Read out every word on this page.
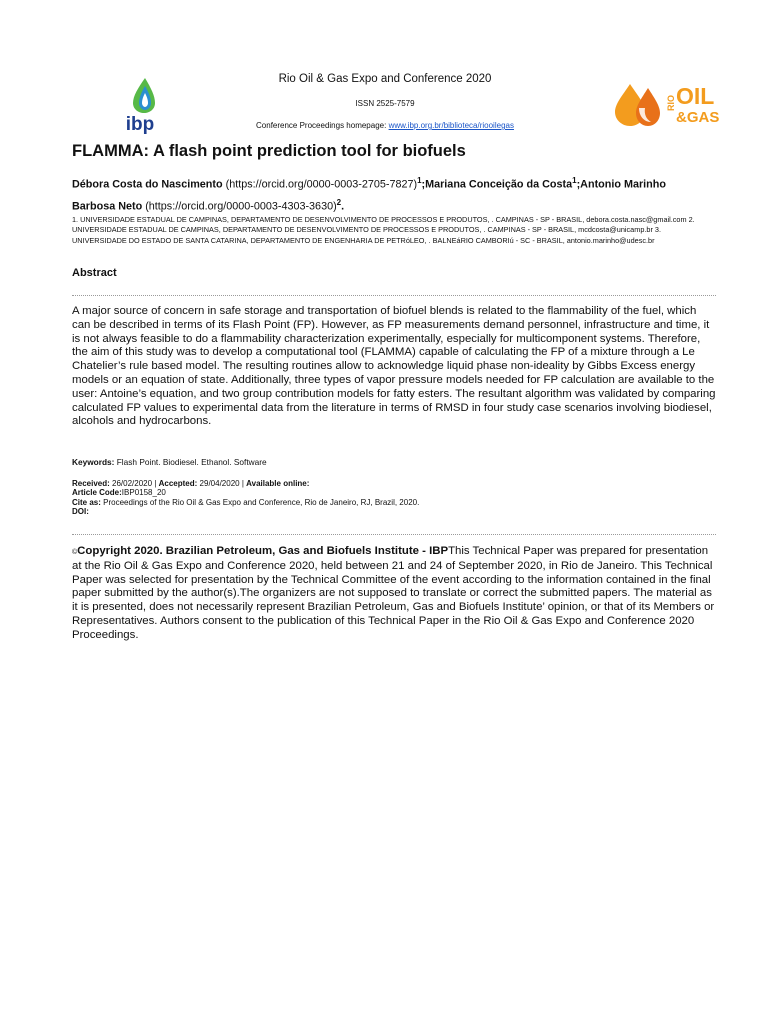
ibp
RIO OIL
&GAS
Rio Oil & Gas Expo and Conference 2020
ISSN 2525-7579
Conference Proceedings homepage: www.ibp.org.br/biblioteca/riooilegas
FLAMMA: A flash point prediction tool for biofuels
Débora Costa do Nascimento (https://orcid.org/0000-0003-2705-7827)$^1$;Mariana Conceição da Costa$^1$;Antonio Marinho Barbosa Neto (https://orcid.org/0000-0003-4303-3630)$^2$.
1. UNIVERSIDADE ESTADUAL DE CAMPINAS, DEPARTAMENTO DE DESENVOLVIMENTO DE PROCESSOS E PRODUTOS, . CAMPINAS - SP - BRASIL, debora.costa.nasc@gmail.com 2. UNIVERSIDADE ESTADUAL DE CAMPINAS, DEPARTAMENTO DE DESENVOLVIMENTO DE PROCESSOS E PRODUTOS, . CAMPINAS - SP - BRASIL, mcdcosta@unicamp.br 3. UNIVERSIDADE DO ESTADO DE SANTA CATARINA, DEPARTAMENTO DE ENGENHARIA DE PETRóLEO, . BALNEáRIO CAMBORIú - SC - BRASIL, antonio.marinho@udesc.br
Abstract

A major source of concern in safe storage and transportation of biofuel blends is related to the flammability of the fuel, which can be described in terms of its Flash Point (FP). However, as FP measurements demand personnel, infrastructure and time, it is not always feasible to do a flammability characterization experimentally, especially for multicomponent systems. Therefore, the aim of this study was to develop a computational tool (FLAMMA) capable of calculating the FP of a mixture through a Le Chatelier’s rule based model. The resulting routines allow to acknowledge liquid phase non-ideality by Gibbs Excess energy models or an equation of state. Additionally, three types of vapor pressure models needed for FP calculation are available to the user: Antoine’s equation, and two group contribution models for fatty esters. The resultant algorithm was validated by comparing calculated FP values to experimental data from the literature in terms of RMSD in four study case scenarios involving biodiesel, alcohols and hydrocarbons.

Keywords: Flash Point. Biodiesel. Ethanol. Software
Received: 26/02/2020 | Accepted: 29/04/2020 | Available online:
Article Code:IBP0158_20
Cite as: Proceedings of the Rio Oil & Gas Expo and Conference, Rio de Janeiro, RJ, Brazil, 2020.
DOI:

©Copyright 2020. Brazilian Petroleum, Gas and Biofuels Institute - IBPThis Technical Paper was prepared for presentation at the Rio Oil & Gas Expo and Conference 2020, held between 21 and 24 of September 2020, in Rio de Janeiro. This Technical Paper was selected for presentation by the Technical Committee of the event according to the information contained in the final paper submitted by the author(s).The organizers are not supposed to translate or correct the submitted papers. The material as it is presented, does not necessarily represent Brazilian Petroleum, Gas and Biofuels Institute’ opinion, or that of its Members or Representatives. Authors consent to the publication of this Technical Paper in the Rio Oil & Gas Expo and Conference 2020 Proceedings.
